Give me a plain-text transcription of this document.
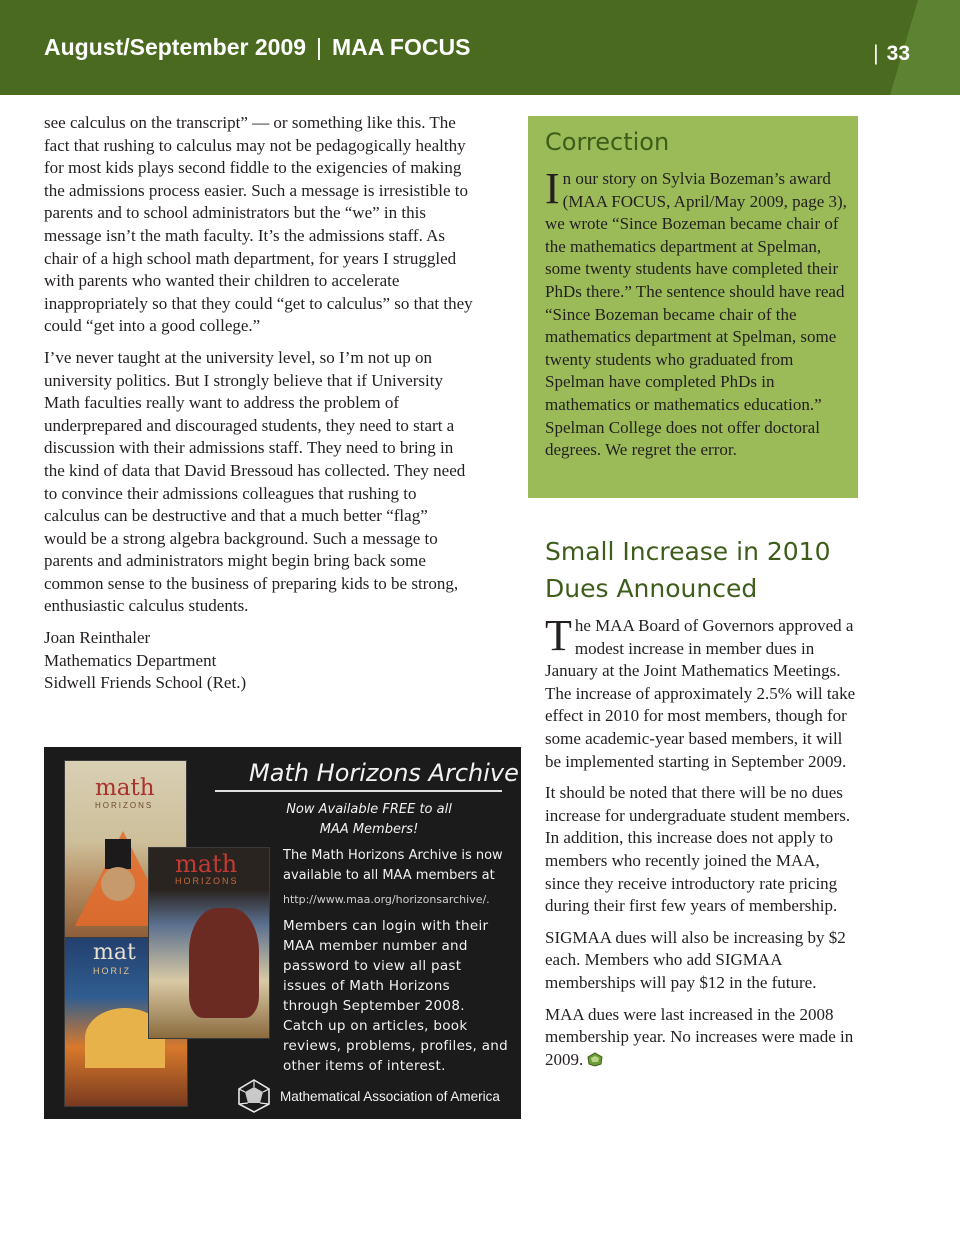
August/September 2009 | MAA FOCUS	| 33

see calculus on the transcript” — or something like this. The fact that rushing to calculus may not be pedagogically healthy for most kids plays second fiddle to the exigencies of making the admissions process easier. Such a message is irresistible to parents and to school administrators but the “we” in this message isn’t the math faculty. It’s the admissions staff. As chair of a high school math department, for years I struggled with parents who wanted their children to accelerate inappropriately so that they could “get to calculus” so that they could “get into a good college.”

I’ve never taught at the university level, so I’m not up on university politics. But I strongly believe that if University Math faculties really want to address the problem of underprepared and discouraged students, they need to start a discussion with their admissions staff. They need to bring in the kind of data that David Bressoud has collected. They need to convince their admissions colleagues that rushing to calculus can be destructive and that a much better “flag” would be a strong algebra background. Such a message to parents and administrators might begin bring back some common sense to the business of preparing kids to be strong, enthusiastic calculus students.

Joan Reinthaler
Mathematics Department
Sidwell Friends School (Ret.)
math
HORIZONS
mat
HORIZ
math
HORIZONS
Math Horizons Archive
Now Available FREE to all
MAA Members!
The Math Horizons Archive is now available to all MAA members at
http://www.maa.org/horizonsarchive/.
Members can login with their MAA member number and password to view all past issues of Math Horizons through September 2008. Catch up on articles, book reviews, problems, profiles, and other items of interest.
Mathematical Association of America
Correction
In our story on Sylvia Bozeman’s award (MAA FOCUS, April/May 2009, page 3), we wrote “Since Bozeman became chair of the mathematics department at Spelman, some twenty students have completed their PhDs there.” The sentence should have read “Since Bozeman became chair of the mathematics department at Spelman, some twenty students who graduated from Spelman have completed PhDs in mathematics or mathematics education.” Spelman College does not offer doctoral degrees. We regret the error.
Small Increase in 2010 Dues Announced

The MAA Board of Governors approved a modest increase in member dues in January at the Joint Mathematics Meetings. The increase of approximately 2.5% will take effect in 2010 for most members, though for some academic-year based members, it will be implemented starting in September 2009.

It should be noted that there will be no dues increase for undergraduate student members. In addition, this increase does not apply to members who recently joined the MAA, since they receive introductory rate pricing during their first few years of membership.

SIGMAA dues will also be increasing by $2 each. Members who add SIGMAA memberships will pay $12 in the future.

MAA dues were last increased in the 2008 membership year. No increases were made in 2009.
